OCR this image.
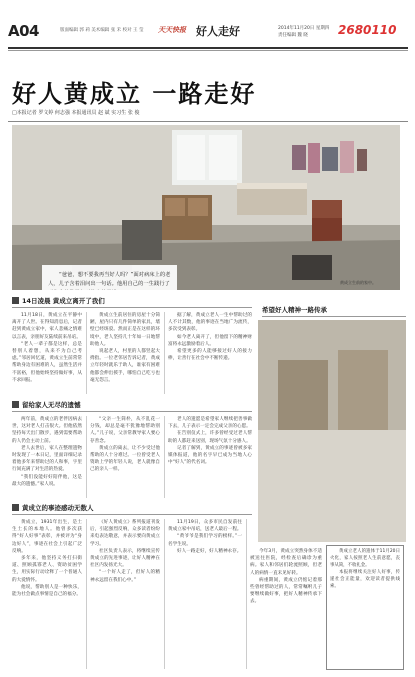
A04	版面编辑 郭 莉 美术编辑 张 禾 校对 王 莹 天天快报 好人走好	2014年11月20日 星期四
责任编辑 魏 晓	2680110
好人黄成立 一路走好
□本报记者 罗文婷 何志强 本报通讯员 赵 斌 实习生 张 俊

“爸爸，想不要我再当好人吗？”面对病床上的老人，儿子含着泪问出一句话。他用自己的一生践行了	黄成立生前的家中。
14日凌晨 黄成立离开了我们
希望好人精神一路传承

11月18日，黄成立在平静中离开了人世。在得知消息后，记者赶到黄成立家中，家人悲痛之情难以言表，亲朋好友陆续前来吊唁。

“老人一辈子都是这样，总是替别人着想，从来不为自己考虑。”邻居回忆道，黄成立生前常常帮助身边有困难的人，虽然生活并不富裕，但他始终坚持做好事，从不求回报。

黄成立生前居住的房屋十分简陋，屋内只有几件简单的家具，墙壁已经斑驳。然而正是在这样的环境中，老人坚持几十年如一日地帮助他人。

说起老人，村里的人都竖起大拇指。一位老邻居告诉记者，黄成立年轻时就乐于助人，谁家有困难他都会伸出援手，哪怕自己吃亏也毫无怨言。

据了解，黄成立老人一生中帮助过的人不计其数，他的事迹在当地广为流传，多次受到表彰。

如今老人离开了，但他留下的精神财富将永远激励着后人。

希望更多的人能够接过好人的接力棒，让善行在社会中不断传递。

留给家人无尽的遗憾

两年前，黄成立的老伴因病去世，这对老人打击很大。但他依然坚持每天出门散步，遇到需要帮助的人仍会主动上前。

老人去世后，家人在整理遗物时发现了一本日记，里面详细记录着他多年来帮助过的人和事，字里行间充满了对生活的热爱。

“我们没能好好陪伴他，这是最大的遗憾。”家人说。

“父亲一生简朴，从不乱花一分钱，却总是毫不犹豫地帮助别人。”儿子说，父亲常教导家人要心存善念。

黄成立的离去，让不少受过他帮助的人十分难过。一位曾受老人资助上学的年轻人说，老人就像自己的亲人一样。

老人的遗愿是希望家人继续把善事做下去，儿子表示一定会完成父亲的心愿。

在告别仪式上，许多曾经受过老人帮助的人都赶来送别，现场气氛十分感人。

记者了解到，黄成立的事迹曾被多家媒体报道，他的名字早已成为当地人心中“好人”的代名词。

黄成立的事迹感动无数人

黄成立，1931年出生，是土生土长的本地人。他曾多次获得“好人好事”表彰，并被评为“身边好人”，事迹在社会上引起广泛反响。

多年来，他坚持义务打扫街道、照顾孤寡老人、资助贫困学生，用实际行动诠释了一个普通人的大爱情怀。

他说，帮助别人是一种快乐，能为社会做点事情是自己的福分。

《好人黄成立》系列报道刊发后，引起强烈反响，众多读者纷纷来电表达敬意，并表示要向黄成立学习。

社区负责人表示，将继续宣传黄成立的先进事迹，让好人精神在社区内发扬光大。

“一个好人走了，但好人的精神永远留在我们心中。”

11月19日，众多市民自发前往黄成立家中吊唁，送老人最后一程。

“黄爷爷是我们学习的榜样。”一名学生说。

好人一路走好，好人精神永存。	今年3月，黄成立突然身体不适被送往医院，经检查后确诊为重病。家人和邻居们轮流照顾，但老人的病情一直未见好转。

病重期间，黄成立仍惦记着那些曾经帮助过的人，常常嘱咐儿子要继续做好事，把好人精神传承下去。

黄成立老人的遗体于11月20日火化，家人按照老人生前意愿，丧事从简，不收礼金。

本报将继续关注好人好事，传递社会正能量，欢迎读者提供线索。
